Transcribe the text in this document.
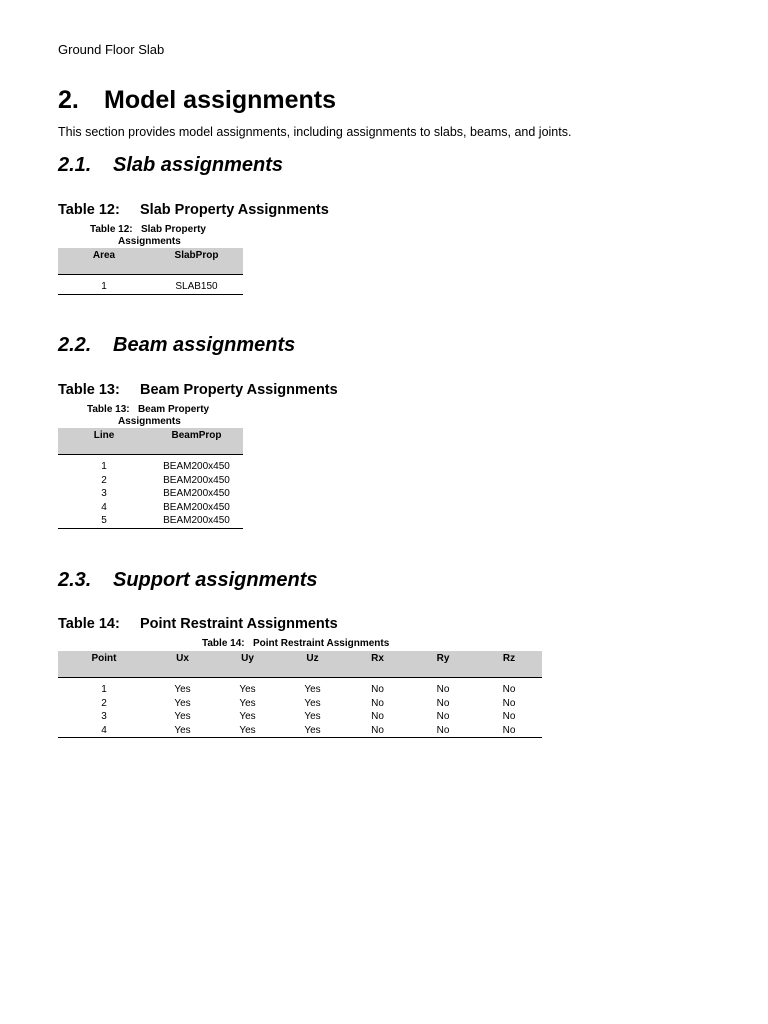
Ground Floor Slab
2. Model assignments

This section provides model assignments, including assignments to slabs, beams, and joints.

2.1. Slab assignments

Table 12: Slab Property Assignments

Table 12: Slab Property
Assignments
Area	SlabProp
1	SLAB150
2.2. Beam assignments

Table 13: Beam Property Assignments

Table 13: Beam Property
Assignments
Line	BeamProp
1	BEAM200x450
2	BEAM200x450
3	BEAM200x450
4	BEAM200x450
5	BEAM200x450
2.3. Support assignments

Table 14: Point Restraint Assignments

Table 14: Point Restraint Assignments
Point	Ux	Uy	Uz	Rx	Ry	Rz
1	Yes	Yes	Yes	No	No	No
2	Yes	Yes	Yes	No	No	No
3	Yes	Yes	Yes	No	No	No
4	Yes	Yes	Yes	No	No	No
